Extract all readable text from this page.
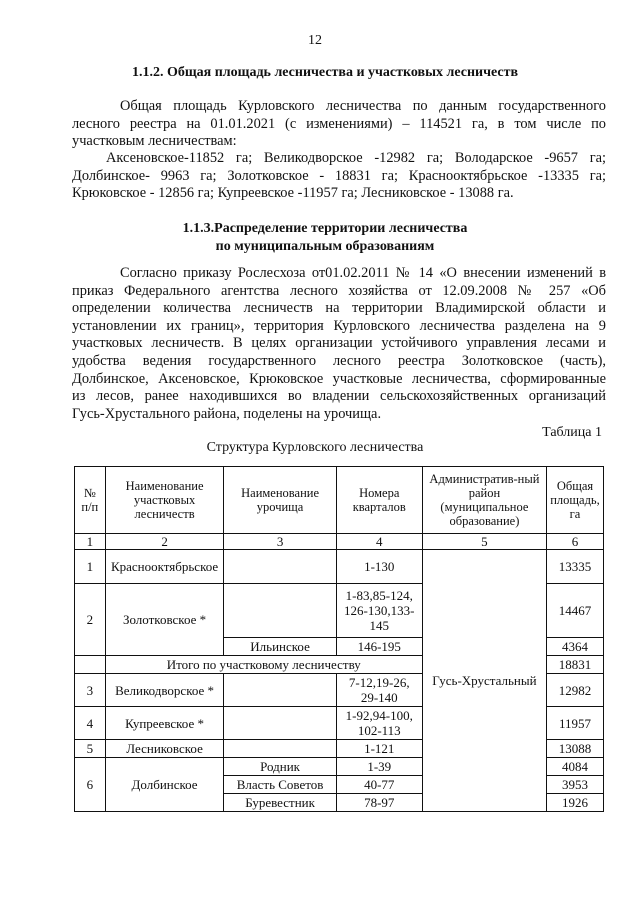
12
1.1.2. Общая площадь лесничества и участковых лесничеств
Общая площадь Курловского лесничества по данным государственного
лесного реестра на 01.01.2021 (с изменениями) – 114521 га, в том числе по
участковым лесничествам:
Аксеновское-11852 га; Великодворское -12982 га; Володарское -9657 га;
Долбинское- 9963 га; Золотковское - 18831 га; Краснооктябрьское -13335 га;
Крюковское - 12856 га; Купреевское -11957 га; Лесниковское - 13088 га.
1.1.3.Распределение территории лесничества
по муниципальным образованиям
Согласно приказу Рослесхоза от01.02.2011 № 14 «О внесении изменений в
приказ Федерального агентства лесного хозяйства от 12.09.2008 № 257 «Об
определении количества лесничеств на территории Владимирской области и
установлении их границ», территория Курловского лесничества разделена на 9
участковых лесничеств. В целях организации устойчивого управления лесами и
удобства ведения государственного лесного реестра Золотковское (часть),
Долбинское, Аксеновское, Крюковское участковые лесничества, сформированные
из лесов, ранее находившихся во владении сельскохозяйственных организаций
Гусь-Хрустального района, поделены на урочища.
Таблица 1
Структура Курловского лесничества
№ п/п	Наименование участковых лесничеств	Наименование урочища	Номера кварталов	Административ-ный район (муниципальное образование)	Общая площадь, га
1	2	3	4	5	6
1	Краснооктябрьское		1-130	Гусь-Хрустальный	13335
2	Золотковское *		1-83,85-124, 126-130,133-145		14467
		Ильинское	146-195		4364
	Итого по участковому лесничеству				18831
3	Великодворское *		7-12,19-26, 29-140		12982
4	Купреевское *		1-92,94-100, 102-113		11957
5	Лесниковское		1-121		13088
6	Долбинское	Родник	1-39		4084
		Власть Советов	40-77		3953
		Буревестник	78-97		1926
